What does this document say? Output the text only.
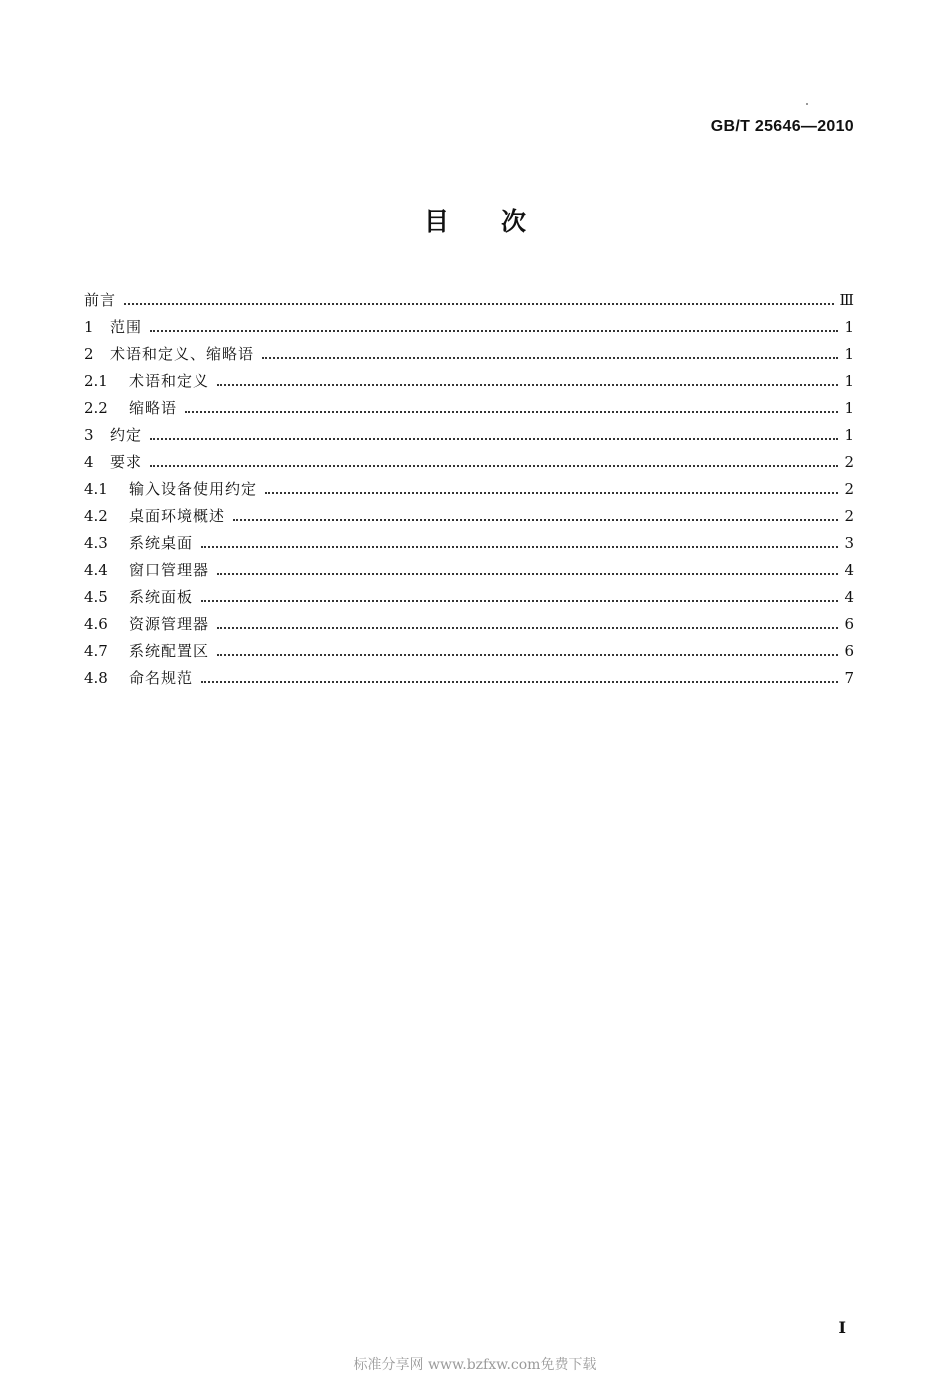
GB/T 25646—2010
目次
前言	Ⅲ
1	范围	1
2	术语和定义、缩略语	1
2.1	术语和定义	1
2.2	缩略语	1
3	约定	1
4	要求	2
4.1	输入设备使用约定	2
4.2	桌面环境概述	2
4.3	系统桌面	3
4.4	窗口管理器	4
4.5	系统面板	4
4.6	资源管理器	6
4.7	系统配置区	6
4.8	命名规范	7
I
标准分享网 www.bzfxw.com免费下载
